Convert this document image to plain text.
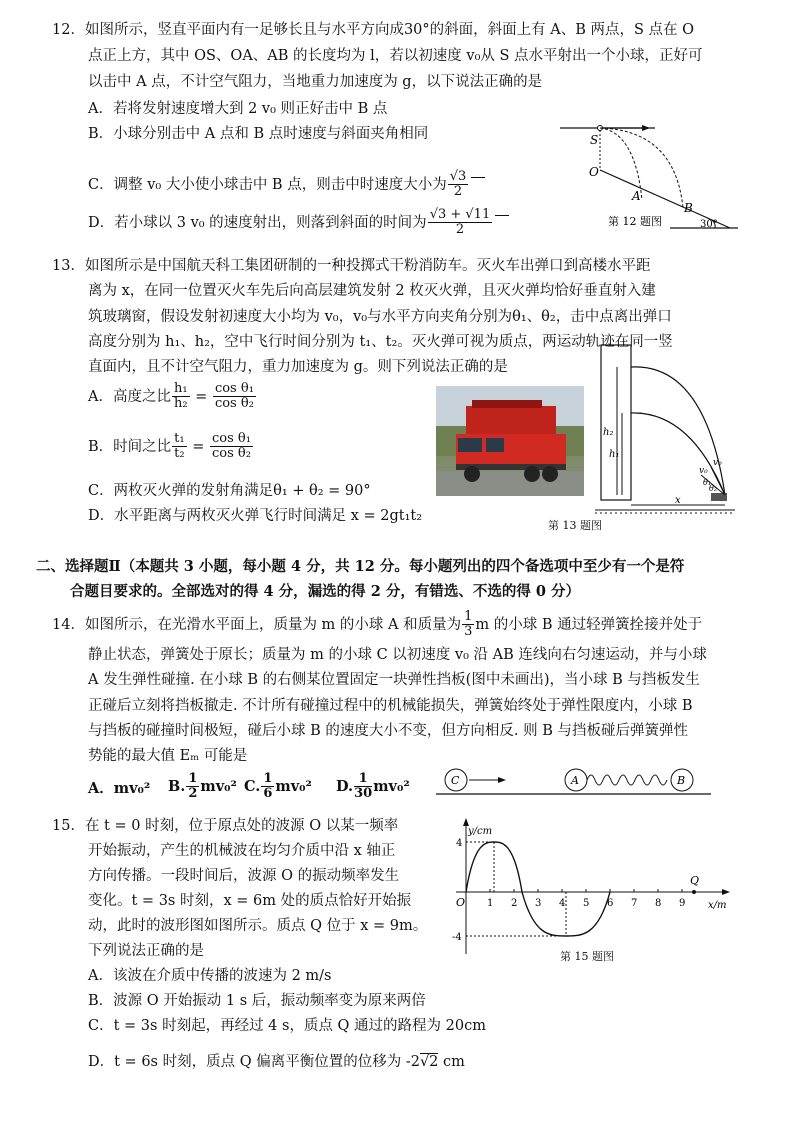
12．如图所示，竖直平面内有一足够长且与水平方向成30°的斜面，斜面上有 A、B 两点，S 点在 O
点正上方，其中 OS、OA、AB 的长度均为 l，若以初速度 v₀从 S 点水平射出一个小球，正好可
以击中 A 点，不计空气阻力，当地重力加速度为 g，以下说法正确的是
A．若将发射速度增大到 2 v₀ 则正好击中 B 点
B．小球分别击中 A 点和 B 点时速度与斜面夹角相同
C．调整 v₀ 大小使小球击中 B 点，则击中时速度大小为 $\frac{√3}{2}$
D．若小球以 3 v₀ 的速度射出，则落到斜面的时间为 $\frac{√3 + √11}{2}$
S
O
A
B
30°
第 12 题图
13．如图所示是中国航天科工集团研制的一种投掷式干粉消防车。灭火车出弹口到高楼水平距
离为 x，在同一位置灭火车先后向高层建筑发射 2 枚灭火弹，且灭火弹均恰好垂直射入建
筑玻璃窗，假设发射初速度大小均为 v₀，v₀与水平方向夹角分别为θ₁、θ₂，击中点离出弹口
高度分别为 h₁、h₂，空中飞行时间分别为 t₁、t₂。灭火弹可视为质点，两运动轨迹在同一竖
直面内，且不计空气阻力，重力加速度为 g。则下列说法正确的是
A．高度之比 $\frac{\text{h₁}}{\text{h₂}} = \frac{\text{cos θ₁}}{\text{cos θ₂}}$
B．时间之比 $\frac{\text{t₁}}{\text{t₂}} = \frac{\text{cos θ₁}}{\text{cos θ₂}}$
C．两枚灭火弹的发射角满足θ₁ + θ₂ = 90°
D．水平距离与两枚灭火弹飞行时间满足 x = 2gt₁t₂
h₂
h₁
v₀
v₀
θ₁
θ₂
x
第 13 题图
二、选择题Ⅱ（本题共 3 小题，每小题 4 分，共 12 分。每小题列出的四个备选项中至少有一个是符
合题目要求的。全部选对的得 4 分，漏选的得 2 分，有错选、不选的得 0 分）
14．如图所示，在光滑水平面上，质量为 m 的小球 A 和质量为 $\frac{1}{3}$ m 的小球 B 通过轻弹簧拴接并处于
静止状态，弹簧处于原长；质量为 m 的小球 C 以初速度 v₀ 沿 AB 连线向右匀速运动，并与小球
A 发生弹性碰撞. 在小球 B 的右侧某位置固定一块弹性挡板(图中未画出)，当小球 B 与挡板发生
正碰后立刻将挡板撤走. 不计所有碰撞过程中的机械能损失，弹簧始终处于弹性限度内，小球 B
与挡板的碰撞时间极短，碰后小球 B 的速度大小不变，但方向相反. 则 B 与挡板碰后弹簧弹性
势能的最大值 Eₘ 可能是
A．mv₀² B. $\frac{1}{2} mv_0^2$ C. $\frac{1}{6} mv_0^2$ D. $\frac{1}{30} mv_0^2$	C	A	B
15．在 t = 0 时刻，位于原点处的波源 O 以某一频率
开始振动，产生的机械波在均匀介质中沿 x 轴正
方向传播。一段时间后，波源 O 的振动频率发生
变化。t = 3s 时刻，x = 6m 处的质点恰好开始振
动，此时的波形图如图所示。质点 Q 位于 x = 9m。
下列说法正确的是
A．该波在介质中传播的波速为 2 m/s
B．波源 O 开始振动 1 s 后，振动频率变为原来两倍
C．t = 3s 时刻起，再经过 4 s，质点 Q 通过的路程为 20cm
D．t = 6s 时刻，质点 Q 偏离平衡位置的位移为 -2√2 cm
1 2 3 4 5 6 7 8 9
y/cm
x/m
O
Q
4
-4
第 15 题图
